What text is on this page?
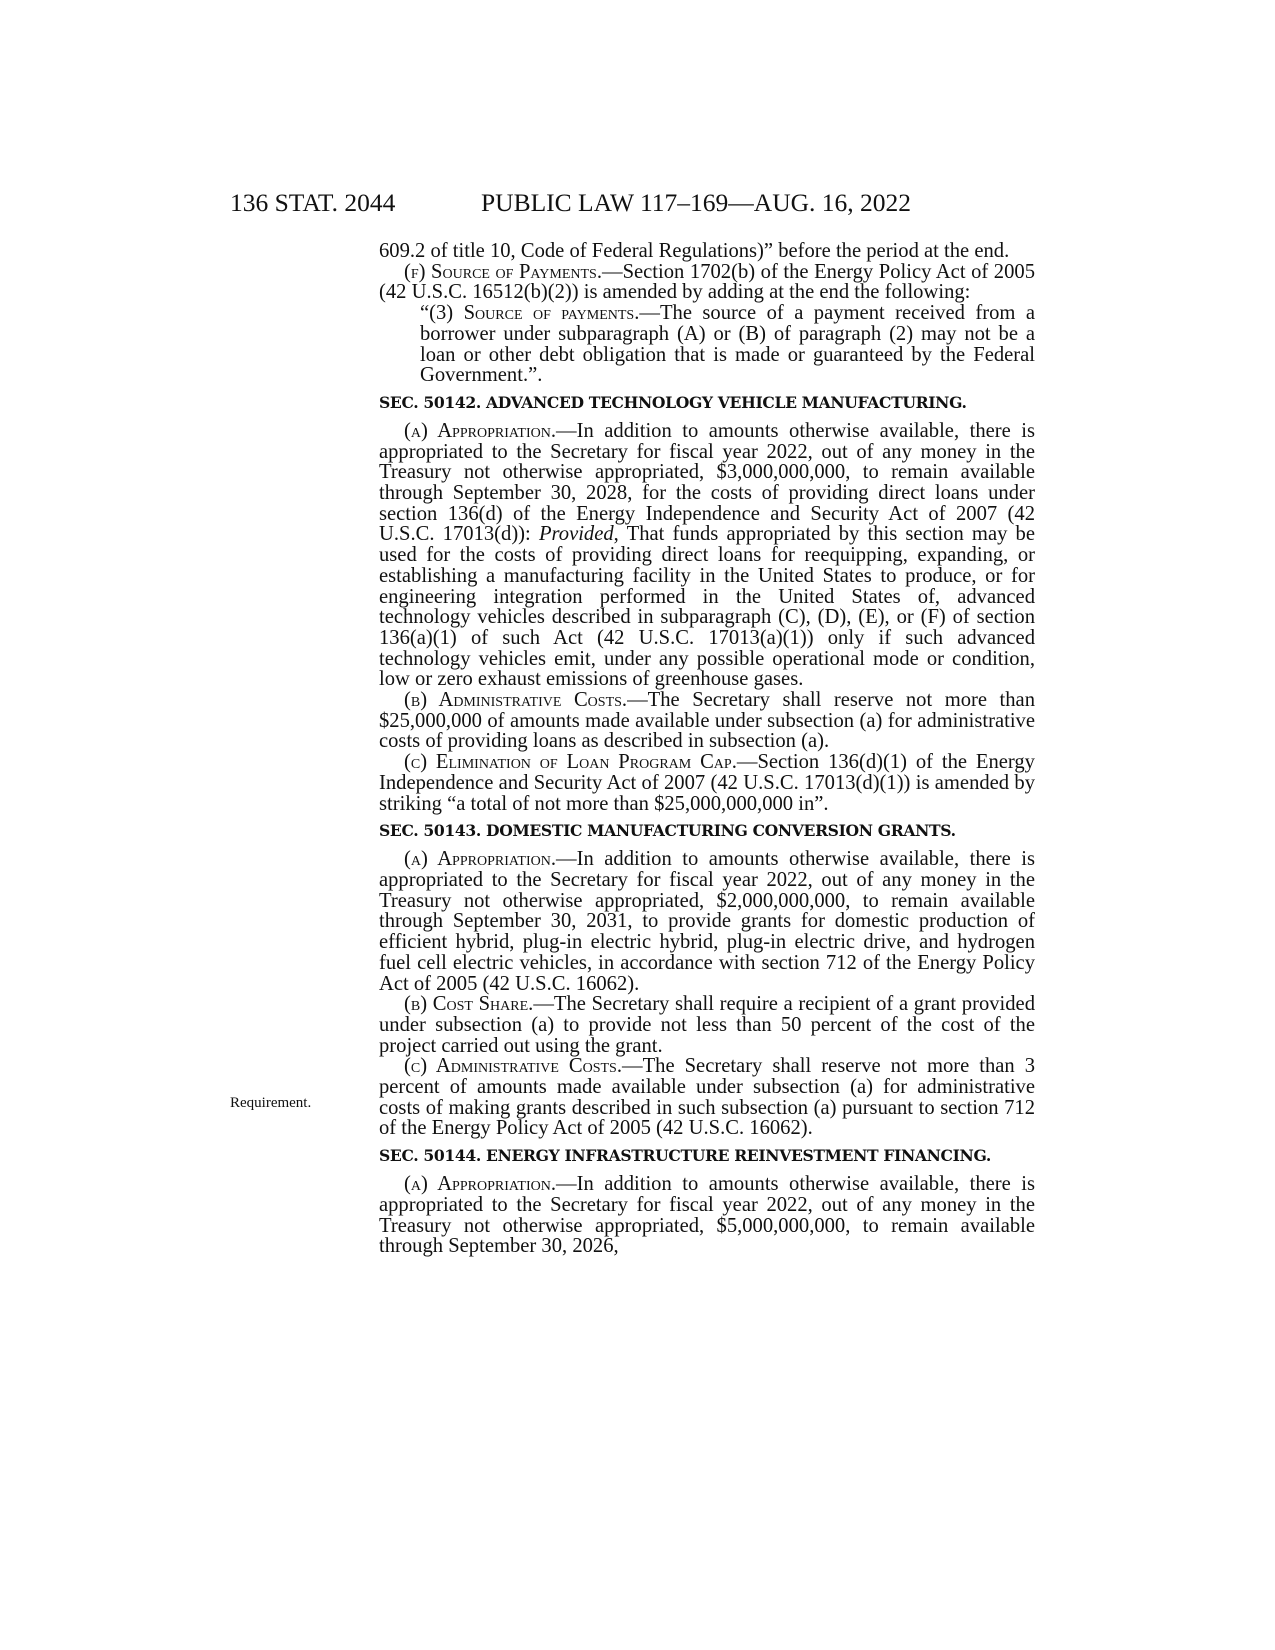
136 STAT. 2044	PUBLIC LAW 117–169—AUG. 16, 2022
Requirement.

609.2 of title 10, Code of Federal Regulations)” before the period at the end.

(f) Source of Payments.—Section 1702(b) of the Energy Policy Act of 2005 (42 U.S.C. 16512(b)(2)) is amended by adding at the end the following:

“(3) Source of payments.—The source of a payment received from a borrower under subparagraph (A) or (B) of paragraph (2) may not be a loan or other debt obligation that is made or guaranteed by the Federal Government.”.

SEC. 50142. ADVANCED TECHNOLOGY VEHICLE MANUFACTURING.

(a) Appropriation.—In addition to amounts otherwise available, there is appropriated to the Secretary for fiscal year 2022, out of any money in the Treasury not otherwise appropriated, $3,000,000,000, to remain available through September 30, 2028, for the costs of providing direct loans under section 136(d) of the Energy Independence and Security Act of 2007 (42 U.S.C. 17013(d)): Provided, That funds appropriated by this section may be used for the costs of providing direct loans for reequipping, expanding, or establishing a manufacturing facility in the United States to produce, or for engineering integration performed in the United States of, advanced technology vehicles described in subparagraph (C), (D), (E), or (F) of section 136(a)(1) of such Act (42 U.S.C. 17013(a)(1)) only if such advanced technology vehicles emit, under any possible operational mode or condition, low or zero exhaust emissions of greenhouse gases.

(b) Administrative Costs.—The Secretary shall reserve not more than $25,000,000 of amounts made available under subsection (a) for administrative costs of providing loans as described in subsection (a).

(c) Elimination of Loan Program Cap.—Section 136(d)(1) of the Energy Independence and Security Act of 2007 (42 U.S.C. 17013(d)(1)) is amended by striking “a total of not more than $25,000,000,000 in”.

SEC. 50143. DOMESTIC MANUFACTURING CONVERSION GRANTS.

(a) Appropriation.—In addition to amounts otherwise available, there is appropriated to the Secretary for fiscal year 2022, out of any money in the Treasury not otherwise appropriated, $2,000,000,000, to remain available through September 30, 2031, to provide grants for domestic production of efficient hybrid, plug-in electric hybrid, plug-in electric drive, and hydrogen fuel cell electric vehicles, in accordance with section 712 of the Energy Policy Act of 2005 (42 U.S.C. 16062).

(b) Cost Share.—The Secretary shall require a recipient of a grant provided under subsection (a) to provide not less than 50 percent of the cost of the project carried out using the grant.

(c) Administrative Costs.—The Secretary shall reserve not more than 3 percent of amounts made available under subsection (a) for administrative costs of making grants described in such subsection (a) pursuant to section 712 of the Energy Policy Act of 2005 (42 U.S.C. 16062).

SEC. 50144. ENERGY INFRASTRUCTURE REINVESTMENT FINANCING.

(a) Appropriation.—In addition to amounts otherwise available, there is appropriated to the Secretary for fiscal year 2022, out of any money in the Treasury not otherwise appropriated, $5,000,000,000, to remain available through September 30, 2026,
